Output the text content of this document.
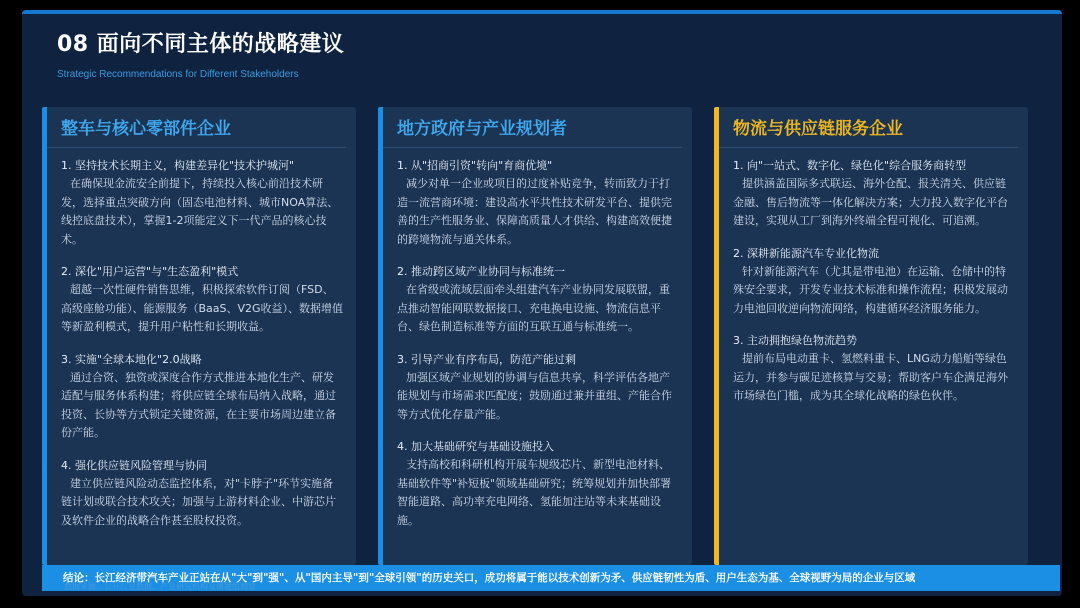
08 面向不同主体的战略建议
Strategic Recommendations for Different Stakeholders
整车与核心零部件企业
1. 坚持技术长期主义，构建差异化"技术护城河"
在确保现金流安全前提下，持续投入核心前沿技术研发，选择重点突破方向（固态电池材料、城市NOA算法、线控底盘技术），掌握1-2项能定义下一代产品的核心技术。
2. 深化"用户运营"与"生态盈利"模式
超越一次性硬件销售思维，积极探索软件订阅（FSD、高级座舱功能）、能源服务（BaaS、V2G收益）、数据增值等新盈利模式，提升用户粘性和长期收益。
3. 实施"全球本地化"2.0战略
通过合资、独资或深度合作方式推进本地化生产、研发适配与服务体系构建；将供应链全球布局纳入战略，通过投资、长协等方式锁定关键资源，在主要市场周边建立备份产能。
4. 强化供应链风险管理与协同
建立供应链风险动态监控体系，对"卡脖子"环节实施备链计划或联合技术攻关；加强与上游材料企业、中游芯片及软件企业的战略合作甚至股权投资。
地方政府与产业规划者
1. 从"招商引资"转向"育商优境"
减少对单一企业或项目的过度补贴竞争，转而致力于打造一流营商环境：建设高水平共性技术研发平台、提供完善的生产性服务业、保障高质量人才供给、构建高效便捷的跨境物流与通关体系。
2. 推动跨区域产业协同与标准统一
在省级或流域层面牵头组建汽车产业协同发展联盟，重点推动智能网联数据接口、充电换电设施、物流信息平台、绿色制造标准等方面的互联互通与标准统一。
3. 引导产业有序布局，防范产能过剩
加强区域产业规划的协调与信息共享，科学评估各地产能规划与市场需求匹配度；鼓励通过兼并重组、产能合作等方式优化存量产能。
4. 加大基础研究与基础设施投入
支持高校和科研机构开展车规级芯片、新型电池材料、基础软件等"补短板"领域基础研究；统筹规划并加快部署智能道路、高功率充电网络、氢能加注站等未来基础设施。
物流与供应链服务企业
1. 向"一站式、数字化、绿色化"综合服务商转型
提供涵盖国际多式联运、海外仓配、报关清关、供应链金融、售后物流等一体化解决方案；大力投入数字化平台建设，实现从工厂到海外终端全程可视化、可追溯。
2. 深耕新能源汽车专业化物流
针对新能源汽车（尤其是带电池）在运输、仓储中的特殊安全要求，开发专业技术标准和操作流程；积极发展动力电池回收逆向物流网络，构建循环经济服务能力。
3. 主动拥抱绿色物流趋势
提前布局电动重卡、氢燃料重卡、LNG动力船舶等绿色运力，并参与碳足迹核算与交易；帮助客户车企满足海外市场绿色门槛，成为其全球化战略的绿色伙伴。
结论：长江经济带汽车产业正站在从"大"到"强"、从"国内主导"到"全球引领"的历史关口，成功将属于能以技术创新为矛、供应链韧性为盾、用户生态为基、全球视野为局的企业与区域
数据来源：公开行业数据、产业研究机构及课题组测算
